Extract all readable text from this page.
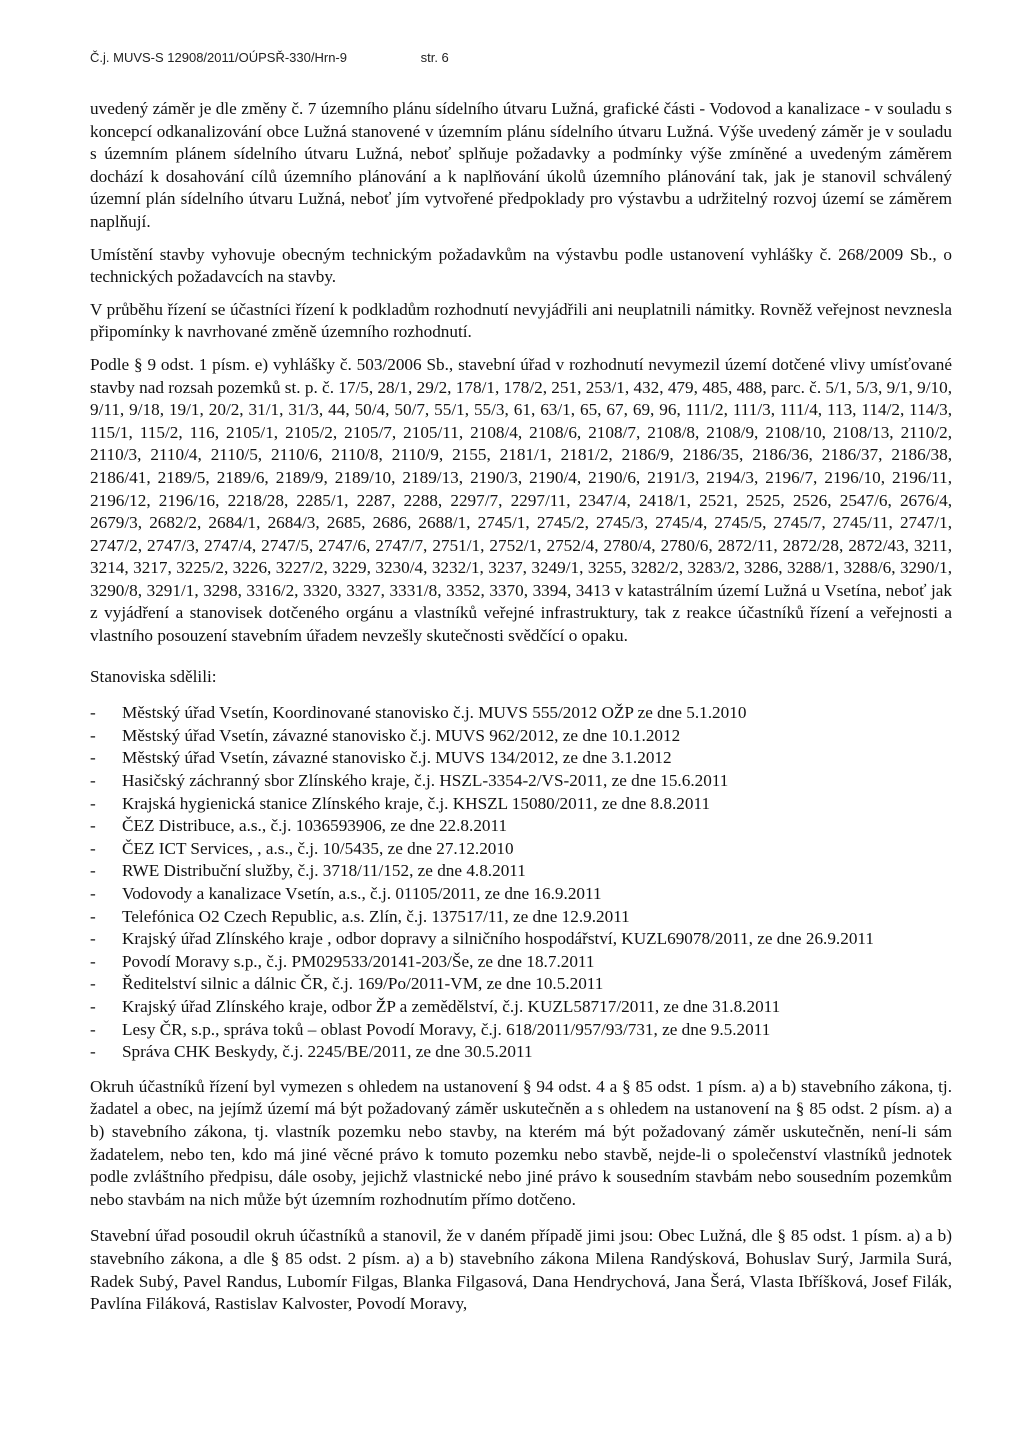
Č.j. MUVS-S 12908/2011/OÚPSŘ-330/Hrn-9	str. 6

uvedený záměr je dle změny č. 7 územního plánu sídelního útvaru Lužná, grafické části - Vodovod a kanalizace - v souladu s koncepcí odkanalizování obce Lužná stanovené v územním plánu sídelního útvaru Lužná. Výše uvedený záměr je v souladu s územním plánem sídelního útvaru Lužná, neboť splňuje požadavky a podmínky výše zmíněné a uvedeným záměrem dochází k dosahování cílů územního plánování a k naplňování úkolů územního plánování tak, jak je stanovil schválený územní plán sídelního útvaru Lužná, neboť jím vytvořené předpoklady pro výstavbu a udržitelný rozvoj území se záměrem naplňují.

Umístění stavby vyhovuje obecným technickým požadavkům na výstavbu podle ustanovení vyhlášky č. 268/2009 Sb., o technických požadavcích na stavby.

V průběhu řízení se účastníci řízení k podkladům rozhodnutí nevyjádřili ani neuplatnili námitky. Rovněž veřejnost nevznesla připomínky k navrhované změně územního rozhodnutí.

Podle § 9 odst. 1 písm. e) vyhlášky č. 503/2006 Sb., stavební úřad v rozhodnutí nevymezil území dotčené vlivy umísťované stavby nad rozsah pozemků st. p. č. 17/5, 28/1, 29/2, 178/1, 178/2, 251, 253/1, 432, 479, 485, 488, parc. č. 5/1, 5/3, 9/1, 9/10, 9/11, 9/18, 19/1, 20/2, 31/1, 31/3, 44, 50/4, 50/7, 55/1, 55/3, 61, 63/1, 65, 67, 69, 96, 111/2, 111/3, 111/4, 113, 114/2, 114/3, 115/1, 115/2, 116, 2105/1, 2105/2, 2105/7, 2105/11, 2108/4, 2108/6, 2108/7, 2108/8, 2108/9, 2108/10, 2108/13, 2110/2, 2110/3, 2110/4, 2110/5, 2110/6, 2110/8, 2110/9, 2155, 2181/1, 2181/2, 2186/9, 2186/35, 2186/36, 2186/37, 2186/38, 2186/41, 2189/5, 2189/6, 2189/9, 2189/10, 2189/13, 2190/3, 2190/4, 2190/6, 2191/3, 2194/3, 2196/7, 2196/10, 2196/11, 2196/12, 2196/16, 2218/28, 2285/1, 2287, 2288, 2297/7, 2297/11, 2347/4, 2418/1, 2521, 2525, 2526, 2547/6, 2676/4, 2679/3, 2682/2, 2684/1, 2684/3, 2685, 2686, 2688/1, 2745/1, 2745/2, 2745/3, 2745/4, 2745/5, 2745/7, 2745/11, 2747/1, 2747/2, 2747/3, 2747/4, 2747/5, 2747/6, 2747/7, 2751/1, 2752/1, 2752/4, 2780/4, 2780/6, 2872/11, 2872/28, 2872/43, 3211, 3214, 3217, 3225/2, 3226, 3227/2, 3229, 3230/4, 3232/1, 3237, 3249/1, 3255, 3282/2, 3283/2, 3286, 3288/1, 3288/6, 3290/1, 3290/8, 3291/1, 3298, 3316/2, 3320, 3327, 3331/8, 3352, 3370, 3394, 3413 v katastrálním území Lužná u Vsetína, neboť jak z vyjádření a stanovisek dotčeného orgánu a vlastníků veřejné infrastruktury, tak z reakce účastníků řízení a veřejnosti a vlastního posouzení stavebním úřadem nevzešly skutečnosti svědčící o opaku.

Stanoviska sdělili:

- Městský úřad Vsetín, Koordinované stanovisko č.j. MUVS 555/2012 OŽP ze dne 5.1.2010
- Městský úřad Vsetín, závazné stanovisko č.j. MUVS 962/2012, ze dne 10.1.2012
- Městský úřad Vsetín, závazné stanovisko č.j. MUVS 134/2012, ze dne 3.1.2012
- Hasičský záchranný sbor Zlínského kraje, č.j. HSZL-3354-2/VS-2011, ze dne 15.6.2011
- Krajská hygienická stanice Zlínského kraje, č.j. KHSZL 15080/2011, ze dne 8.8.2011
- ČEZ Distribuce, a.s., č.j. 1036593906, ze dne 22.8.2011
- ČEZ ICT Services, , a.s., č.j. 10/5435, ze dne 27.12.2010
- RWE Distribuční služby, č.j. 3718/11/152, ze dne 4.8.2011
- Vodovody a kanalizace Vsetín, a.s., č.j. 01105/2011, ze dne 16.9.2011
- Telefónica O2 Czech Republic, a.s. Zlín, č.j. 137517/11, ze dne 12.9.2011
- Krajský úřad Zlínského kraje , odbor dopravy a silničního hospodářství, KUZL69078/2011, ze dne 26.9.2011
- Povodí Moravy s.p., č.j. PM029533/20141-203/Še, ze dne 18.7.2011
- Ředitelství silnic a dálnic ČR, č.j. 169/Po/2011-VM, ze dne 10.5.2011
- Krajský úřad Zlínského kraje, odbor ŽP a zemědělství, č.j. KUZL58717/2011, ze dne 31.8.2011
- Lesy ČR, s.p., správa toků – oblast Povodí Moravy, č.j. 618/2011/957/93/731, ze dne 9.5.2011
- Správa CHK Beskydy, č.j. 2245/BE/2011, ze dne 30.5.2011

Okruh účastníků řízení byl vymezen s ohledem na ustanovení § 94 odst. 4 a § 85 odst. 1 písm. a) a b) stavebního zákona, tj. žadatel a obec, na jejímž území má být požadovaný záměr uskutečněn a s ohledem na ustanovení na § 85 odst. 2 písm. a) a b) stavebního zákona, tj. vlastník pozemku nebo stavby, na kterém má být požadovaný záměr uskutečněn, není-li sám žadatelem, nebo ten, kdo má jiné věcné právo k tomuto pozemku nebo stavbě, nejde-li o společenství vlastníků jednotek podle zvláštního předpisu, dále osoby, jejichž vlastnické nebo jiné právo k sousedním stavbám nebo sousedním pozemkům nebo stavbám na nich může být územním rozhodnutím přímo dotčeno.

Stavební úřad posoudil okruh účastníků a stanovil, že v daném případě jimi jsou: Obec Lužná, dle § 85 odst. 1 písm. a) a b) stavebního zákona, a dle § 85 odst. 2 písm. a) a b) stavebního zákona Milena Randýsková, Bohuslav Surý, Jarmila Surá, Radek Subý, Pavel Randus, Lubomír Filgas, Blanka Filgasová, Dana Hendrychová, Jana Šerá, Vlasta Ibříšková, Josef Filák, Pavlína Filáková, Rastislav Kalvoster, Povodí Moravy,
